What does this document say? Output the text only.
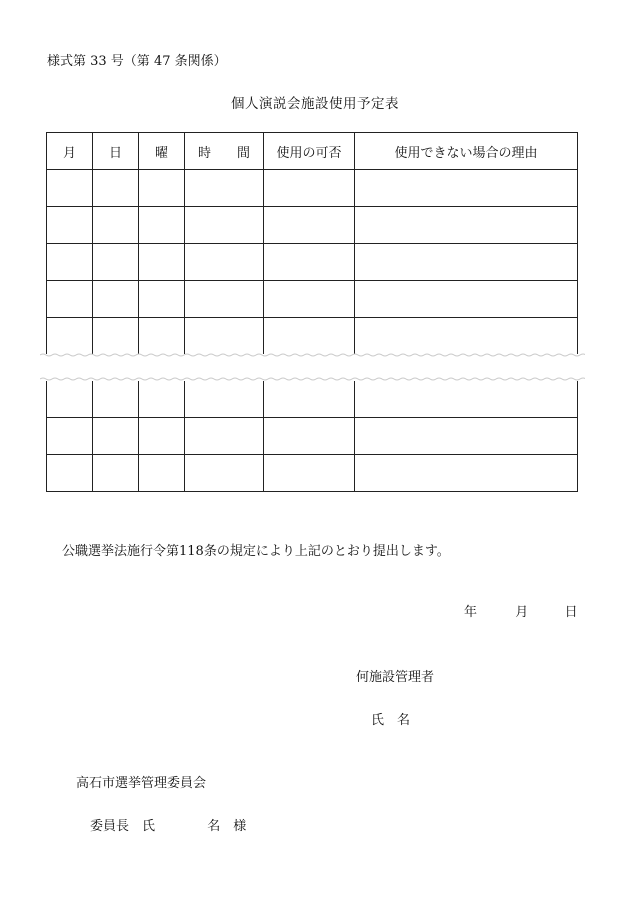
様式第 33 号（第 47 条関係）
個人演説会施設使用予定表
月	日	曜	時　　間	使用の可否	使用できない場合の理由

公職選挙法施行令第118条の規定により上記のとおり提出します。
年	月	日
何施設管理者
氏　名
高石市選挙管理委員会
委員長　氏	名　様
